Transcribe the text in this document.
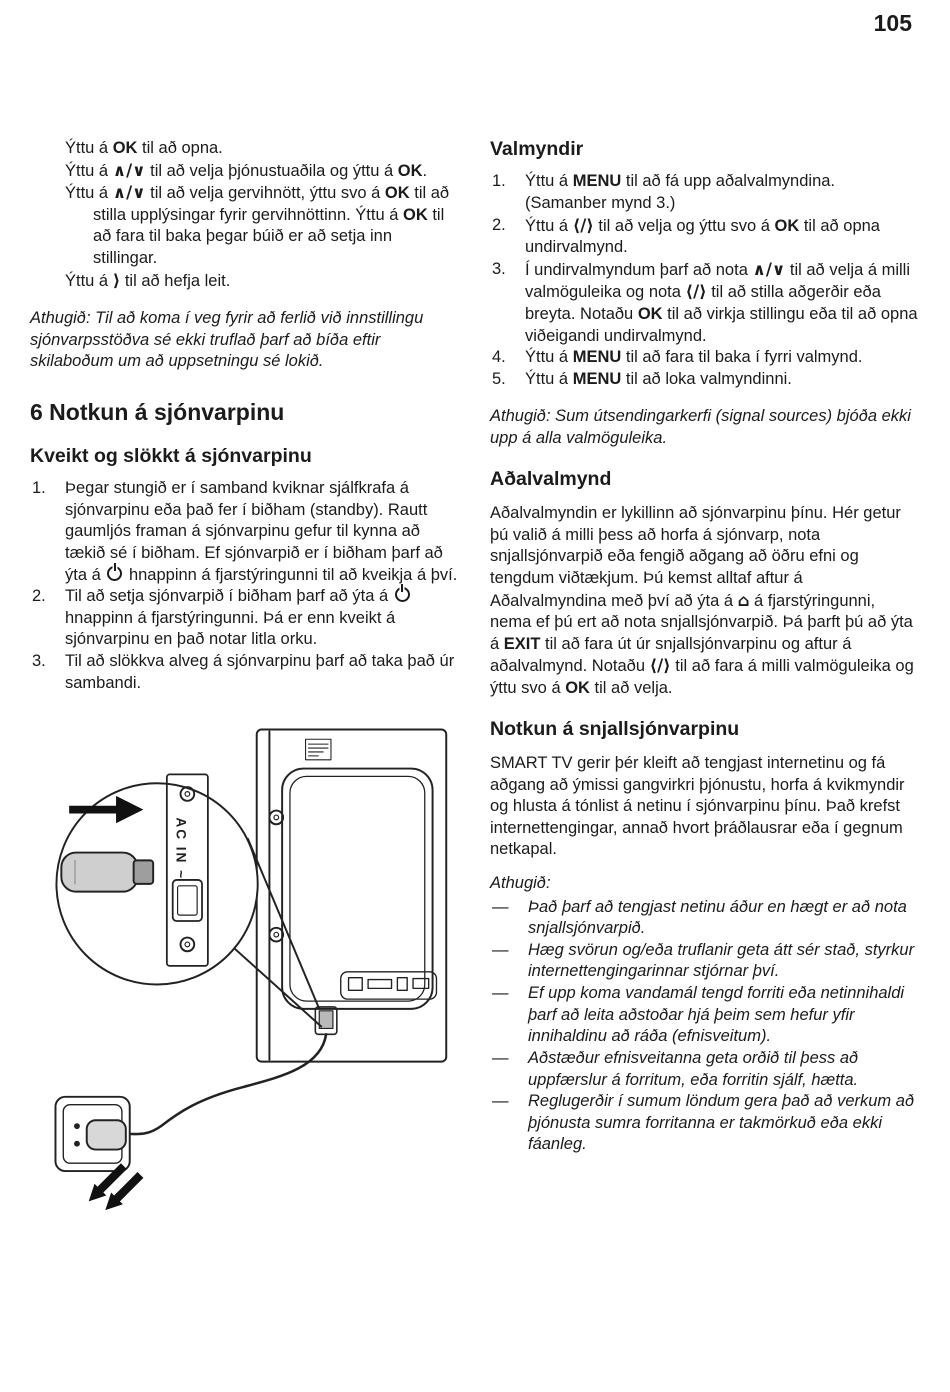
105
Ýttu á OK til að opna.
Ýttu á ∧/∨ til að velja þjónustuaðila og ýttu á OK.
Ýttu á ∧/∨ til að velja gervihnött, ýttu svo á OK til að stilla upplýsingar fyrir gervihnöttinn. Ýttu á OK til að fara til baka þegar búið er að setja inn stillingar.
Ýttu á ⟩ til að hefja leit.

Athugið: Til að koma í veg fyrir að ferlið við innstillingu sjónvarpsstöðva sé ekki truflað þarf að bíða eftir skilaboðum um að uppsetningu sé lokið.

6 Notkun á sjónvarpinu
Kveikt og slökkt á sjónvarpinu
1. Þegar stungið er í samband kviknar sjálfkrafa á sjónvarpinu eða það fer í biðham (standby). Rautt gaumljós framan á sjónvarpinu gefur til kynna að tækið sé í biðham. Ef sjónvarpið er í biðham þarf að ýta á  hnappinn á fjarstýringunni til að kveikja á því.
2. Til að setja sjónvarpið í biðham þarf að ýta á  hnappinn á fjarstýringunni. Þá er enn kveikt á sjónvarpinu en það notar litla orku.
3. Til að slökkva alveg á sjónvarpinu þarf að taka það úr sambandi.
AC IN ~
Valmyndir
1. Ýttu á MENU til að fá upp aðalvalmyndina. (Samanber mynd 3.)
2. Ýttu á ⟨/⟩ til að velja og ýttu svo á OK til að opna undirvalmynd.
3. Í undirvalmyndum þarf að nota ∧/∨ til að velja á milli valmöguleika og nota ⟨/⟩ til að stilla aðgerðir eða breyta. Notaðu OK til að virkja stillingu eða til að opna viðeigandi undirvalmynd.
4. Ýttu á MENU til að fara til baka í fyrri valmynd.
5. Ýttu á MENU til að loka valmyndinni.

Athugið: Sum útsendingarkerfi (signal sources) bjóða ekki upp á alla valmöguleika.

Aðalvalmynd

Aðalvalmyndin er lykillinn að sjónvarpinu þínu. Hér getur þú valið á milli þess að horfa á sjónvarp, nota snjallsjónvarpið eða fengið aðgang að öðru efni og tengdum viðtækjum. Þú kemst alltaf aftur á Aðalvalmyndina með því að ýta á ⌂ á fjarstýringunni, nema ef þú ert að nota snjallsjónvarpið. Þá þarft þú að ýta á EXIT til að fara út úr snjallsjónvarpinu og aftur á aðalvalmynd. Notaðu ⟨/⟩ til að fara á milli valmöguleika og ýttu svo á OK til að velja.

Notkun á snjallsjónvarpinu

SMART TV gerir þér kleift að tengjast internetinu og fá aðgang að ýmissi gangvirkri þjónustu, horfa á kvikmyndir og hlusta á tónlist á netinu í sjónvarpinu þínu. Það krefst internettengingar, annað hvort þráðlausrar eða í gegnum netkapal.

Athugið:

— Það þarf að tengjast netinu áður en hægt er að nota snjallsjónvarpið.
— Hæg svörun og/eða truflanir geta átt sér stað, styrkur internettengingarinnar stjórnar því.
— Ef upp koma vandamál tengd forriti eða netinnihaldi þarf að leita aðstoðar hjá þeim sem hefur yfir innihaldinu að ráða (efnisveitum).
— Aðstæður efnisveitanna geta orðið til þess að uppfærslur á forritum, eða forritin sjálf, hætta.
— Reglugerðir í sumum löndum gera það að verkum að þjónusta sumra forritanna er takmörkuð eða ekki fáanleg.
